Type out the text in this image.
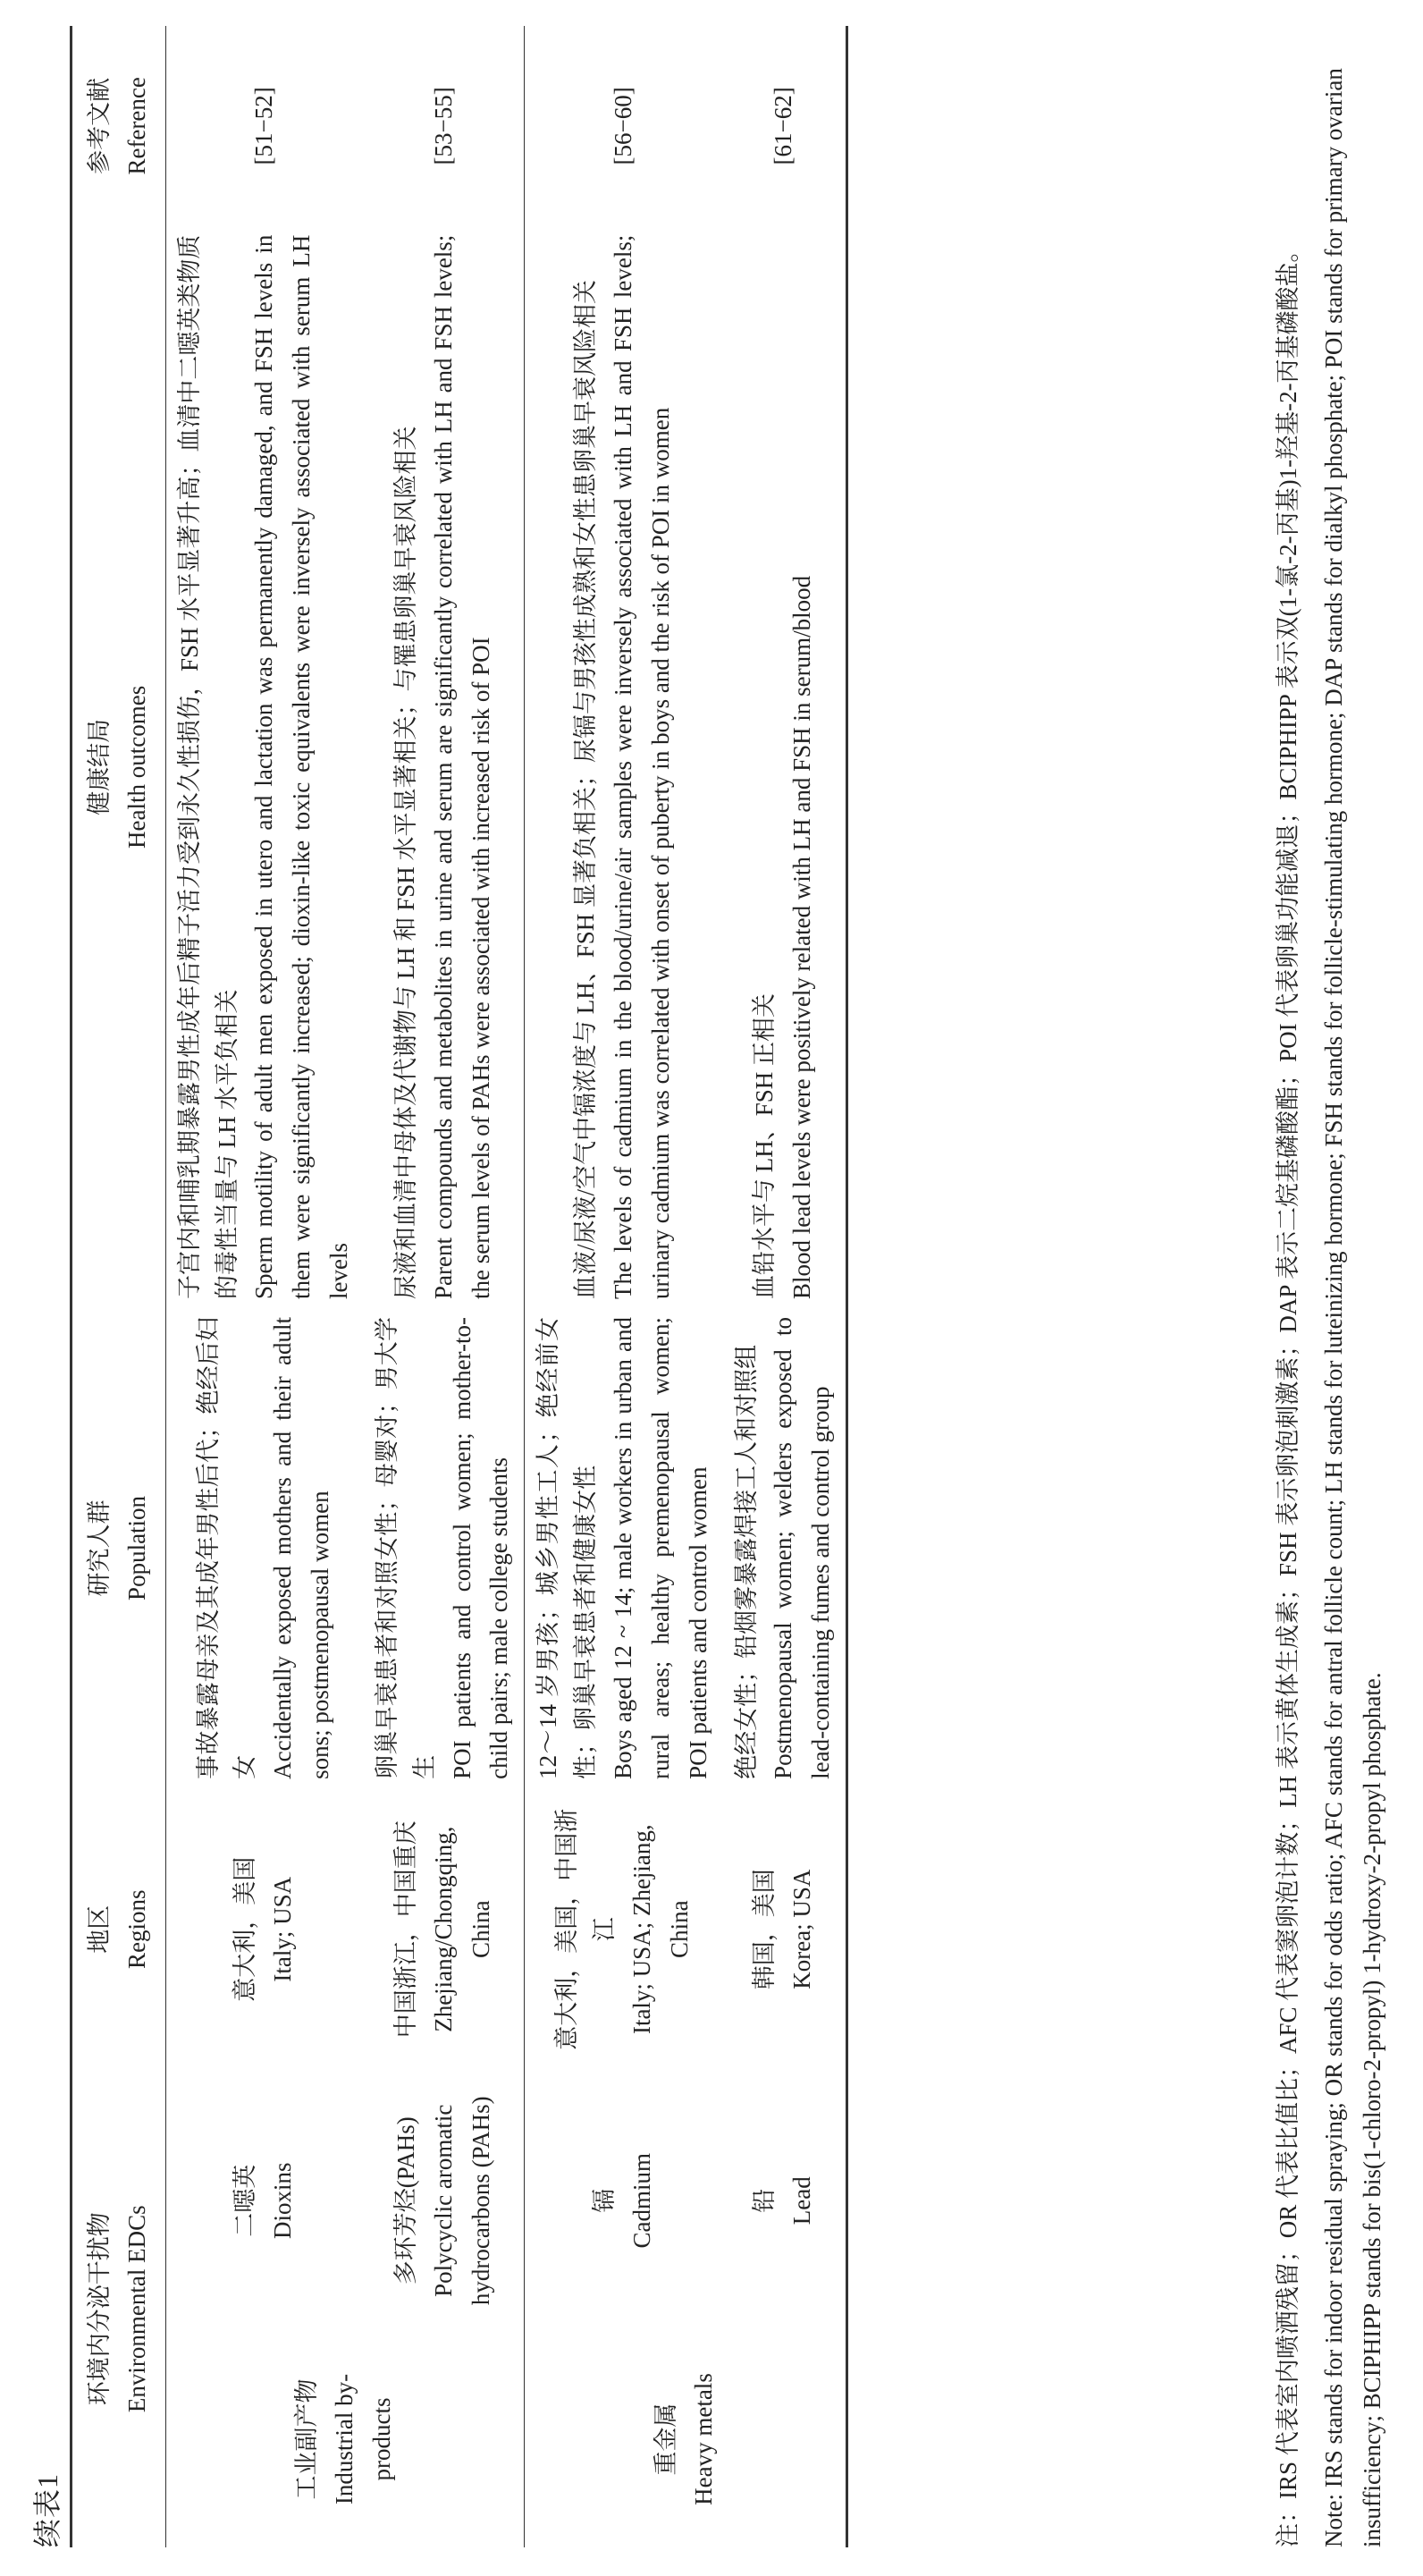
续表1
环境内分泌干扰物 Environmental EDCs		地区 Regions	研究人群 Population	健康结局 Health outcomes	参考文献 Reference

工业副产物 Industrial by-products	二噁英 Dioxins	意大利，美国 Italy; USA	事故暴露母亲及其成年男性后代；绝经后妇女 Accidentally exposed mothers and their adult sons; postmenopausal women	子宫内和哺乳期暴露男性成年后精子活力受到永久性损伤，FSH 水平显著升高；血清中二噁英类物质的毒性当量与 LH 水平负相关 Sperm motility of adult men exposed in utero and lactation was permanently damaged, and FSH levels in them were significantly increased; dioxin-like toxic equivalents were inversely associated with serum LH levels	[51−52]

	多环芳烃(PAHs) Polycyclic aromatic hydrocarbons (PAHs)	中国浙江，中国重庆 Zhejiang/Chongqing, China	卵巢早衰患者和对照女性；母婴对；男大学生 POI patients and control women; mother-to-child pairs; male college students	尿液和血清中母体及代谢物与 LH 和 FSH 水平显著相关；与罹患卵巢早衰风险相关 Parent compounds and metabolites in urine and serum are significantly correlated with LH and FSH levels; the serum levels of PAHs were associated with increased risk of POI	[53−55]

重金属 Heavy metals	镉 Cadmium	意大利，美国，中国浙江 Italy; USA; Zhejiang, China	12～14 岁男孩；城乡男性工人；绝经前女性；卵巢早衰患者和健康女性 Boys aged 12 ~ 14; male workers in urban and rural areas; healthy premenopausal women; POI patients and control women	血液/尿液/空气中镉浓度与 LH、FSH 显著负相关；尿镉与男孩性成熟和女性患卵巢早衰风险相关 The levels of cadmium in the blood/urine/air samples were inversely associated with LH and FSH levels; urinary cadmium was correlated with onset of puberty in boys and the risk of POI in women	[56−60]

	铅 Lead	韩国，美国 Korea; USA	绝经女性；铅烟雾暴露焊接工人和对照组 Postmenopausal women; welders exposed to lead-containing fumes and control group	血铅水平与 LH、FSH 正相关 Blood lead levels were positively related with LH and FSH in serum/blood	[61−62]

注：IRS 代表室内喷洒残留；OR 代表比值比；AFC 代表窦卵泡计数；LH 表示黄体生成素；FSH 表示卵泡刺激素；DAP 表示二烷基磷酸酯；POI 代表卵巢功能减退；BCIPHIPP 表示双(1-氯-2-丙基)1-羟基-2-丙基磷酸盐。 Note: IRS stands for indoor residual spraying; OR stands for odds ratio; AFC stands for antral follicle count; LH stands for luteinizing hormone; FSH stands for follicle-stimulating hormone; DAP stands for dialkyl phosphate; POI stands for primary ovarian insufficiency; BCIPHIPP stands for bis(1-chloro-2-propyl) 1-hydroxy-2-propyl phosphate.
